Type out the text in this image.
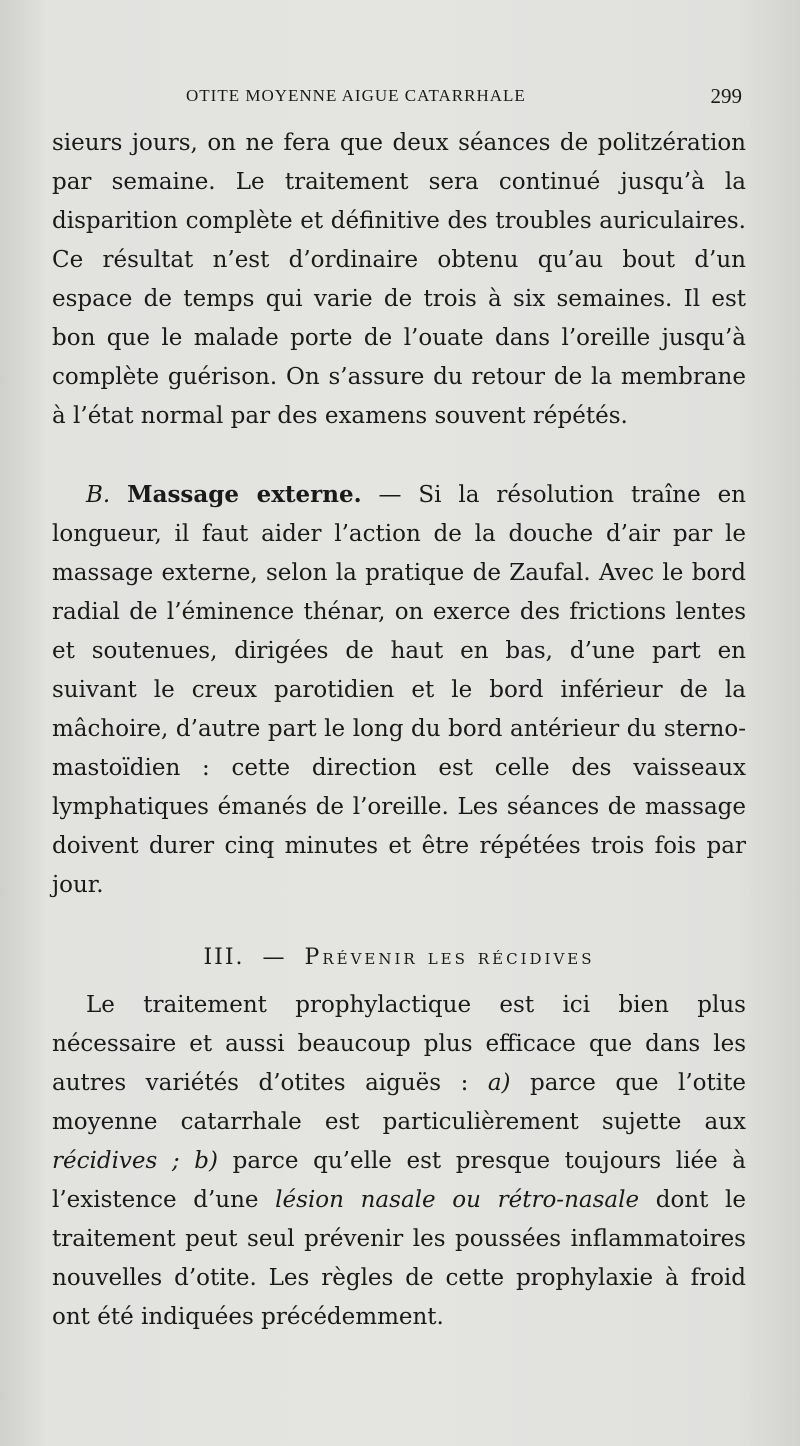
OTITE MOYENNE AIGUE CATARRHALE	299

sieurs jours, on ne fera que deux séances de politzération par semaine. Le traitement sera continué jusqu’à la disparition complète et définitive des troubles auriculaires. Ce résultat n’est d’ordinaire obtenu qu’au bout d’un espace de temps qui varie de trois à six semaines. Il est bon que le malade porte de l’ouate dans l’oreille jusqu’à complète guérison. On s’assure du retour de la membrane à l’état normal par des examens souvent répétés.

B. Massage externe. — Si la résolution traîne en longueur, il faut aider l’action de la douche d’air par le massage externe, selon la pratique de Zaufal. Avec le bord radial de l’éminence thénar, on exerce des frictions lentes et soutenues, dirigées de haut en bas, d’une part en suivant le creux parotidien et le bord inférieur de la mâchoire, d’autre part le long du bord antérieur du sterno-mastoïdien : cette direction est celle des vaisseaux lymphatiques émanés de l’oreille. Les séances de massage doivent durer cinq minutes et être répétées trois fois par jour.

III. — Prévenir les récidives

Le traitement prophylactique est ici bien plus nécessaire et aussi beaucoup plus efficace que dans les autres variétés d’otites aiguës : a) parce que l’otite moyenne catarrhale est particulièrement sujette aux récidives ; b) parce qu’elle est presque toujours liée à l’existence d’une lésion nasale ou rétro-nasale dont le traitement peut seul prévenir les poussées inflammatoires nouvelles d’otite. Les règles de cette prophylaxie à froid ont été indiquées précédemment.
